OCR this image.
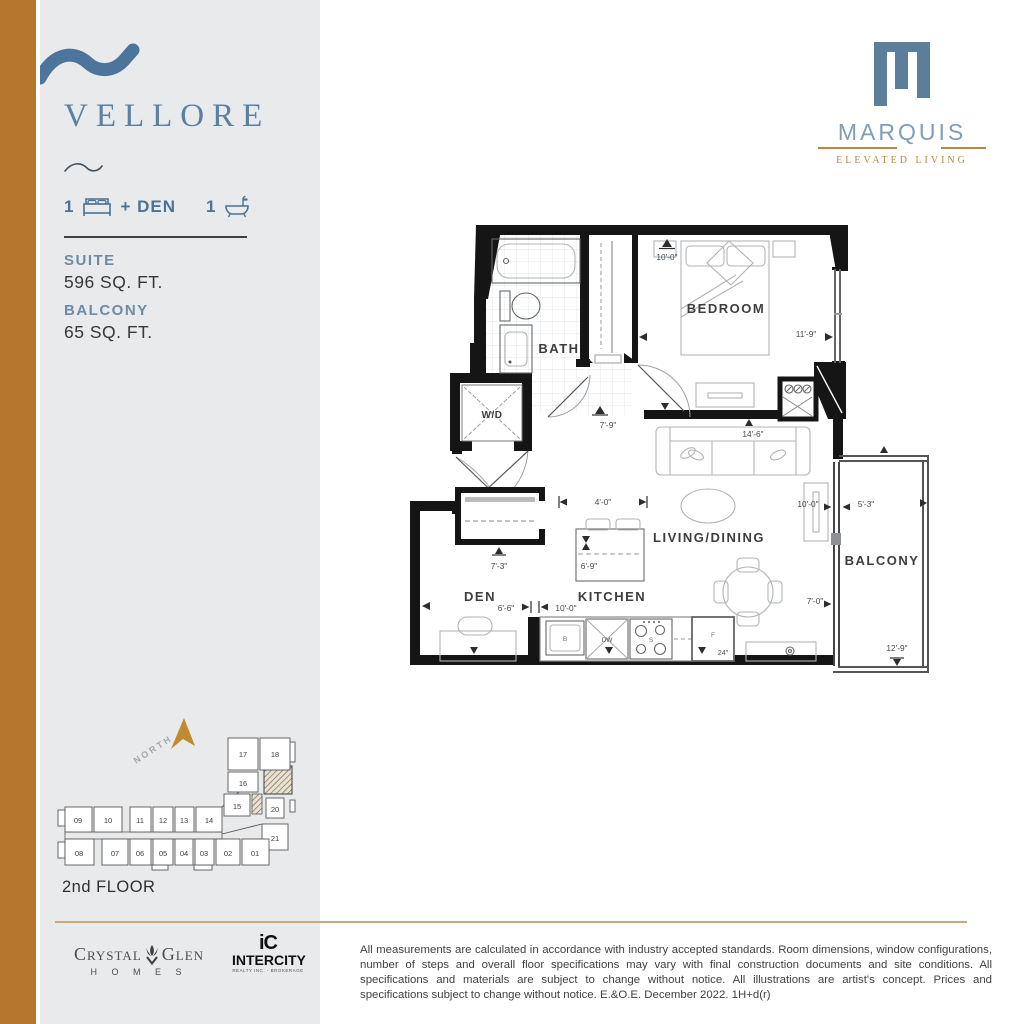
VELLORE
1	+ DEN 1
SUITE
596 SQ. FT.
BALCONY
65 SQ. FT.
MARQUIS
ELEVATED LIVING
W/D
B	DW	S
F
24"
10'-0"
11'-9"
7'-9"
14'-6"
4'-0"
6'-9"
7'-3"
6'-6"	10'-0"
10'-0"	5'-3"
7'-0"
12'-9"
BEDROOM
BATH
DEN	KITCHEN
LIVING/DINING
BALCONY
NORTH	17	18
16
15	20
21
09	10	11 12 13 14
08	07 06 05 04 03 02 01
2nd FLOOR
Crystal Glen
H O M E S
iC
INTERCITY
REALTY INC. - BROKERAGE

All measurements are calculated in accordance with industry accepted standards. Room dimensions, window configurations, number of steps and overall floor specifications may vary with final construction documents and site conditions. All specifications and materials are subject to change without notice. All illustrations are artist's concept. Prices and specifications subject to change without notice. E.&O.E. December 2022. 1H+d(r)
